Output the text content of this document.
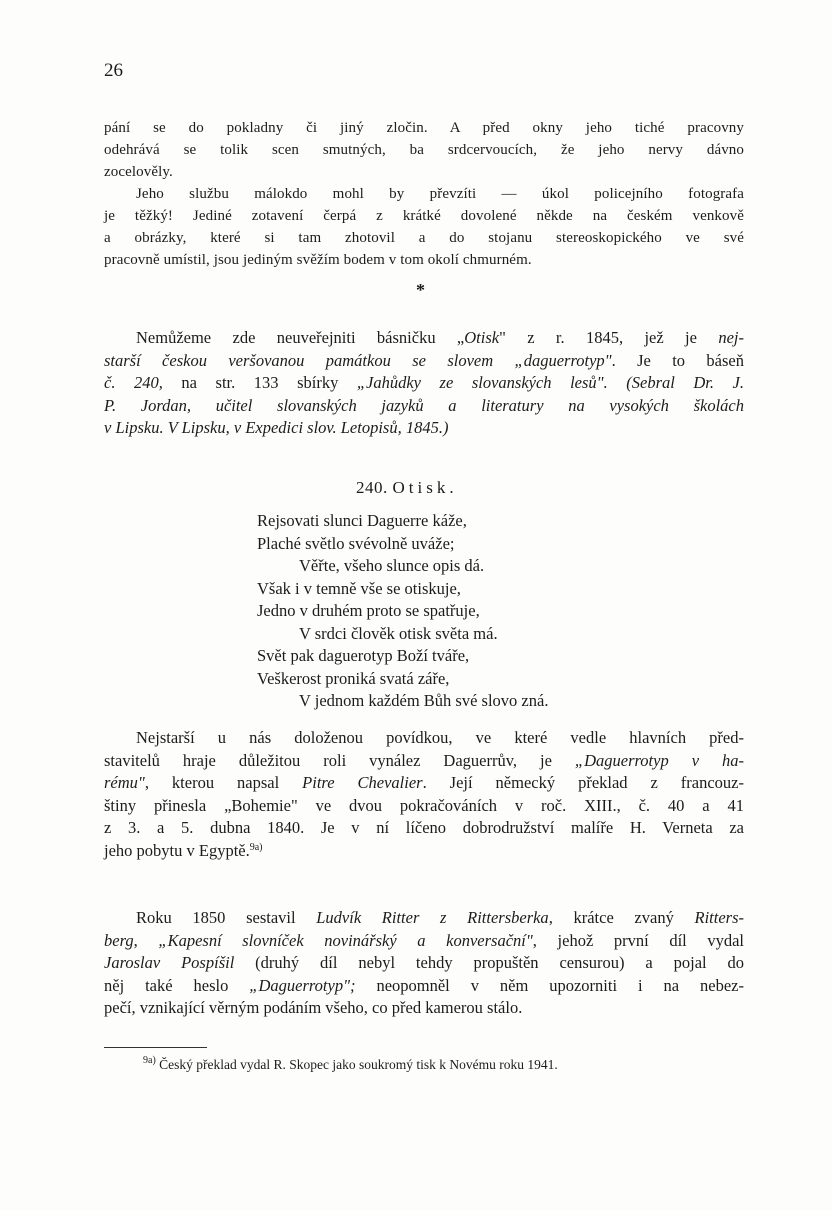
26
pání se do pokladny či jiný zločin. A před okny jeho tiché pracovny
odehrává se tolik scen smutných, ba srdcervoucích, že jeho nervy dávno
zocelověly.
Jeho službu málokdo mohl by převzíti — úkol policejního fotografa
je těžký! Jediné zotavení čerpá z krátké dovolené někde na českém venkově
a obrázky, které si tam zhotovil a do stojanu stereoskopického ve své
pracovně umístil, jsou jediným svěžím bodem v tom okolí chmurném.
*
Nemůžeme zde neuveřejniti básničku „Otisk" z r. 1845, jež je nej-
starší českou veršovanou památkou se slovem „daguerrotyp". Je to báseň
č. 240, na str. 133 sbírky „Jahůdky ze slovanských lesů". (Sebral Dr. J.
P. Jordan, učitel slovanských jazyků a literatury na vysokých školách
v Lipsku. V Lipsku, v Expedici slov. Letopisů, 1845.)
240. Otisk.
Rejsovati slunci Daguerre káže,
Plaché světlo svévolně uváže;
Věřte, všeho slunce opis dá.
Však i v temně vše se otiskuje,
Jedno v druhém proto se spatřuje,
V srdci člověk otisk světa má.
Svět pak daguerotyp Boží tváře,
Veškerost proniká svatá záře,
V jednom každém Bůh své slovo zná.
Nejstarší u nás doloženou povídkou, ve které vedle hlavních před-
stavitelů hraje důležitou roli vynález Daguerrův, je „Daguerrotyp v ha-
rému", kterou napsal Pitre Chevalier. Její německý překlad z francouz-
štiny přinesla „Bohemie" ve dvou pokračováních v roč. XIII., č. 40 a 41
z 3. a 5. dubna 1840. Je v ní líčeno dobrodružství malíře H. Verneta za
jeho pobytu v Egyptě.$^{9a)}$
Roku 1850 sestavil Ludvík Ritter z Rittersberka, krátce zvaný Ritters-
berg, „Kapesní slovníček novinářský a konversační", jehož první díl vydal
Jaroslav Pospíšil (druhý díl nebyl tehdy propuštěn censurou) a pojal do
něj také heslo „Daguerrotyp"; neopomněl v něm upozorniti i na nebez-
pečí, vznikající věrným podáním všeho, co před kamerou stálo.
$^{9a)}$ Český překlad vydal R. Skopec jako soukromý tisk k Novému roku 1941.
